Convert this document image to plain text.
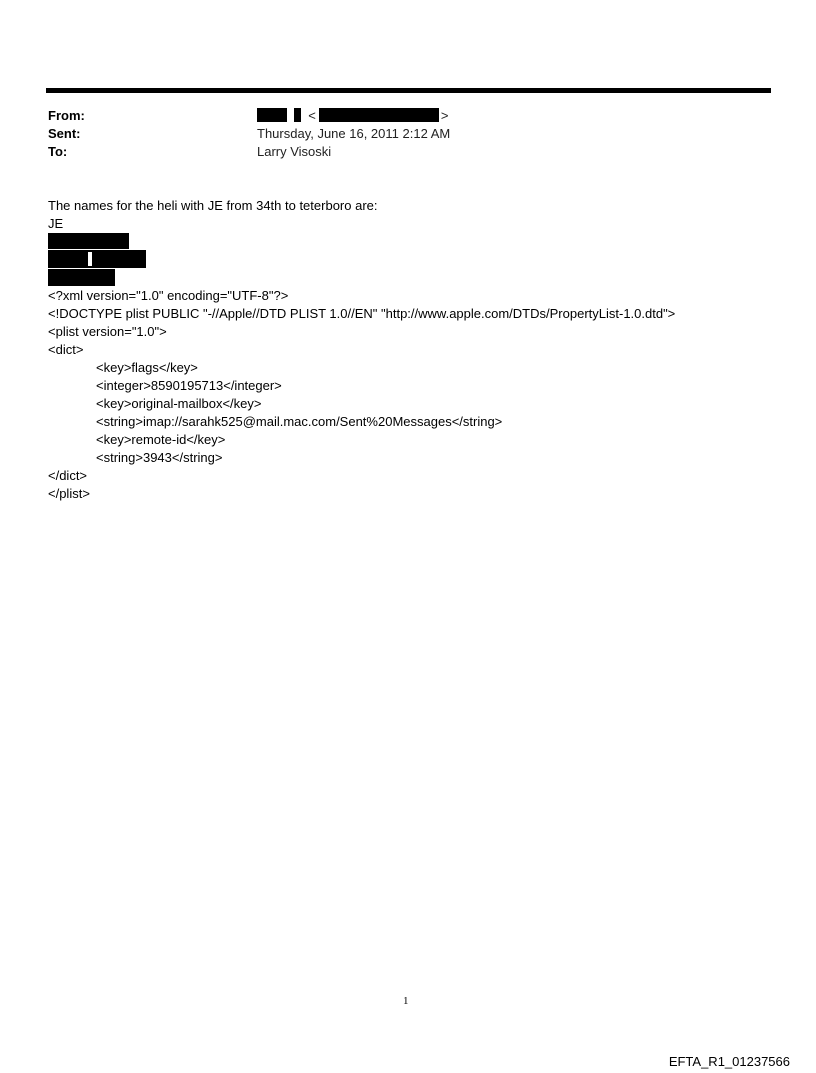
From:	<	>
Sent:	Thursday, June 16, 2011 2:12 AM
To:	Larry Visoski
The names for the heli with JE from 34th to teterboro are:
JE
<?xml version="1.0" encoding="UTF-8"?>
<!DOCTYPE plist PUBLIC "-//Apple//DTD PLIST 1.0//EN" "http://www.apple.com/DTDs/PropertyList-1.0.dtd">
<plist version="1.0">
<dict>
<key>flags</key>
<integer>8590195713</integer>
<key>original-mailbox</key>
<string>imap://sarahk525@mail.mac.com/Sent%20Messages</string>
<key>remote-id</key>
<string>3943</string>
</dict>
</plist>
1
EFTA_R1_01237566
